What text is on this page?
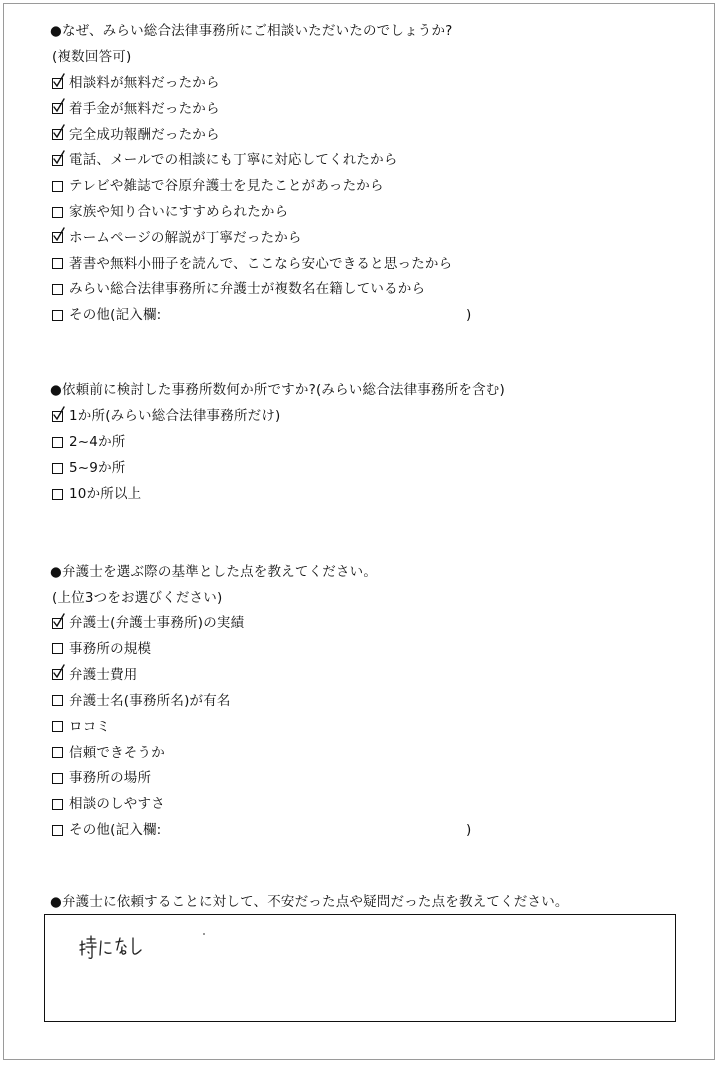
●なぜ、みらい総合法律事務所にご相談いただいたのでしょうか?
(複数回答可)
相談料が無料だったから
着手金が無料だったから
完全成功報酬だったから
電話、メールでの相談にも丁寧に対応してくれたから
テレビや雑誌で谷原弁護士を見たことがあったから
家族や知り合いにすすめられたから
ホームページの解説が丁寧だったから
著書や無料小冊子を読んで、ここなら安心できると思ったから
みらい総合法律事務所に弁護士が複数名在籍しているから
その他(記入欄:	)
●依頼前に検討した事務所数何か所ですか?(みらい総合法律事務所を含む)
1か所(みらい総合法律事務所だけ)
2~4か所
5~9か所
10か所以上
●弁護士を選ぶ際の基準とした点を教えてください。
(上位3つをお選びください)
弁護士(弁護士事務所)の実績
事務所の規模
弁護士費用
弁護士名(事務所名)が有名
ロコミ
信頼できそうか
事務所の場所
相談のしやすさ
その他(記入欄:	)
●弁護士に依頼することに対して、不安だった点や疑問だった点を教えてください。
